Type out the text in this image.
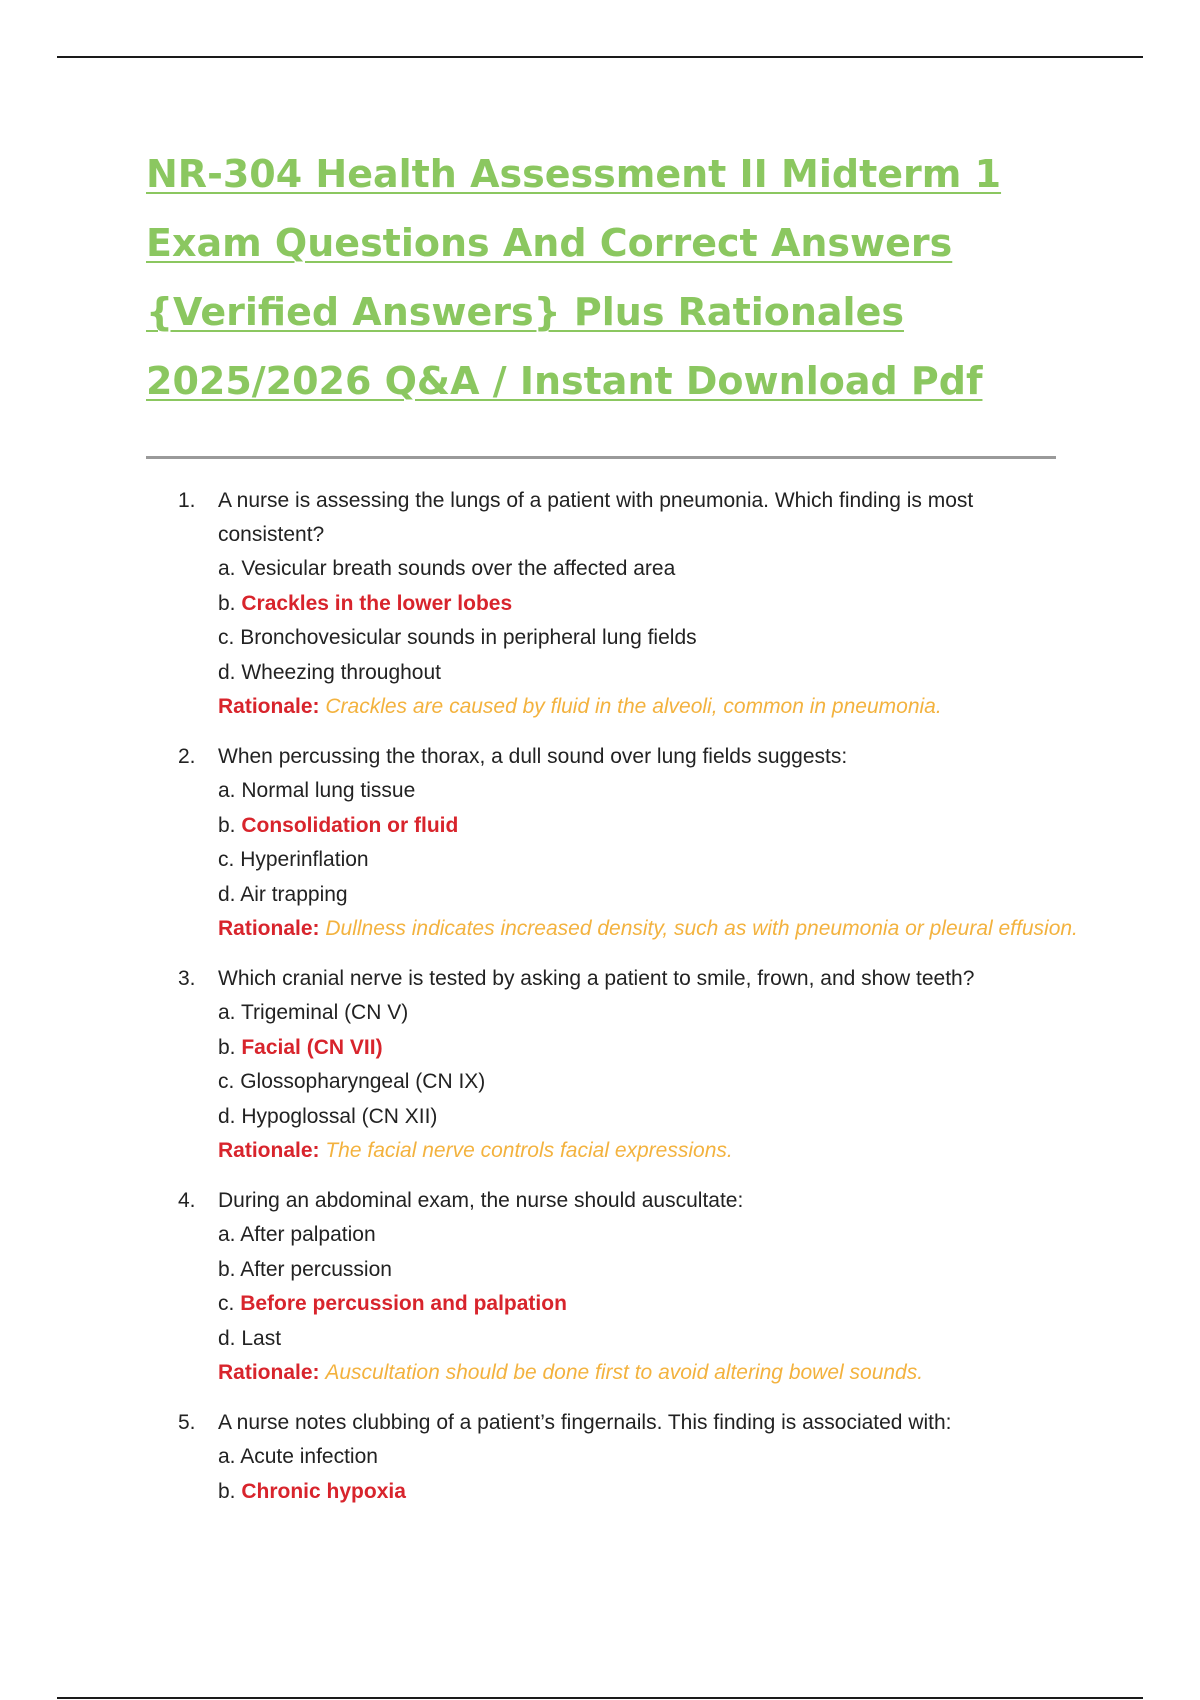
NR-304 Health Assessment II Midterm 1
Exam Questions And Correct Answers
{Verified Answers} Plus Rationales
2025/2026 Q&A / Instant Download Pdf
1. A nurse is assessing the lungs of a patient with pneumonia. Which finding is most consistent?
a. Vesicular breath sounds over the affected area
b. Crackles in the lower lobes
c. Bronchovesicular sounds in peripheral lung fields
d. Wheezing throughout
Rationale: Crackles are caused by fluid in the alveoli, common in pneumonia.
2. When percussing the thorax, a dull sound over lung fields suggests:
a. Normal lung tissue
b. Consolidation or fluid
c. Hyperinflation
d. Air trapping
Rationale: Dullness indicates increased density, such as with pneumonia or pleural effusion.
3. Which cranial nerve is tested by asking a patient to smile, frown, and show teeth?
a. Trigeminal (CN V)
b. Facial (CN VII)
c. Glossopharyngeal (CN IX)
d. Hypoglossal (CN XII)
Rationale: The facial nerve controls facial expressions.
4. During an abdominal exam, the nurse should auscultate:
a. After palpation
b. After percussion
c. Before percussion and palpation
d. Last
Rationale: Auscultation should be done first to avoid altering bowel sounds.
5. A nurse notes clubbing of a patient’s fingernails. This finding is associated with:
a. Acute infection
b. Chronic hypoxia
